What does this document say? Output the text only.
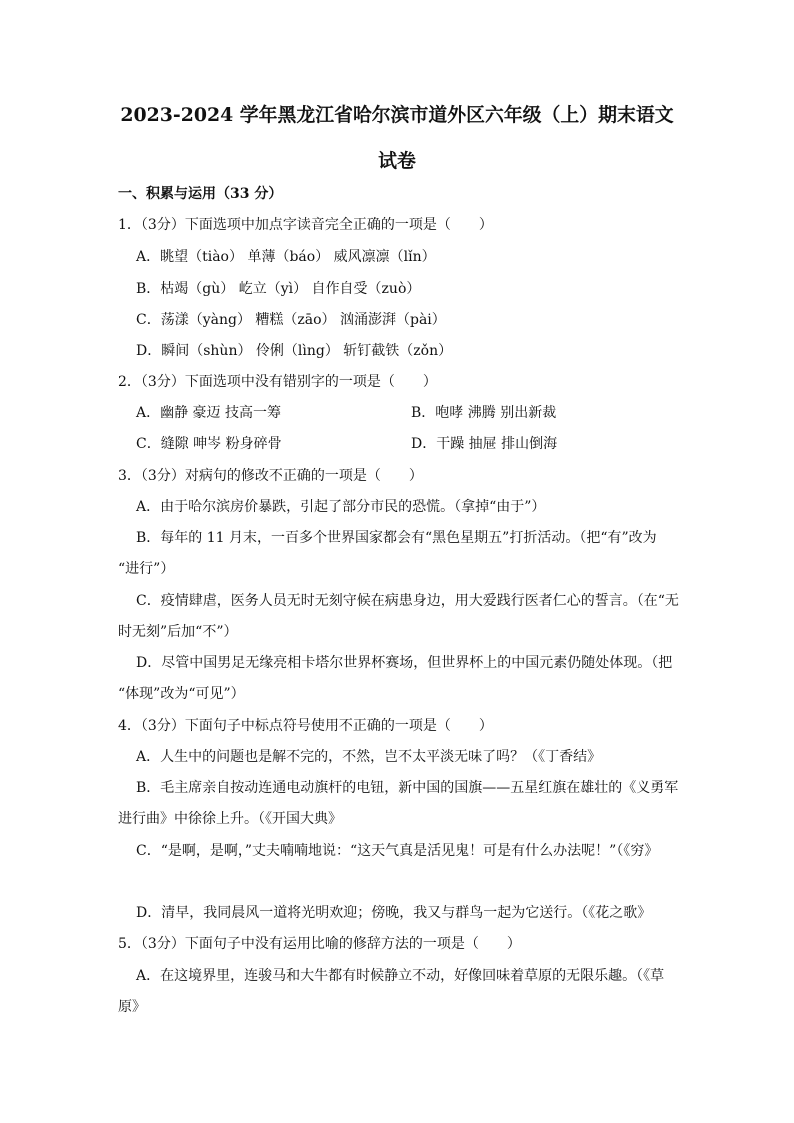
2023-2024 学年黑龙江省哈尔滨市道外区六年级（上）期末语文
试卷
一、积累与运用（33 分）
1．（3分）下面选项中加点字读音完全正确的一项是（　　）
A．眺望（tiào） 单薄（báo） 威风凛凛（lǐn）
B．枯竭（gù） 屹立（yì） 自作自受（zuò）
C．荡漾（yàng） 糟糕（zāo） 汹涌澎湃（pài）
D．瞬间（shùn） 伶俐（lìng） 斩钉截铁（zǒn）
2．（3分）下面选项中没有错别字的一项是（　　）
A．幽静 豪迈 技高一筹	B．咆哮 沸腾 别出新裁
C．缝隙 呻岑 粉身碎骨	D．干躁 抽屉 排山倒海
3．（3分）对病句的修改不正确的一项是（　　）
A．由于哈尔滨房价暴跌，引起了部分市民的恐慌。（拿掉“由于”）
B．每年的 11 月末，一百多个世界国家都会有“黑色星期五”打折活动。（把“有”改为
“进行”）
C．疫情肆虐，医务人员无时无刻守候在病患身边，用大爱践行医者仁心的誓言。（在“无
时无刻”后加“不”）
D．尽管中国男足无缘亮相卡塔尔世界杯赛场，但世界杯上的中国元素仍随处体现。（把
“体现”改为“可见”）
4．（3分）下面句子中标点符号使用不正确的一项是（　　）
A．人生中的问题也是解不完的，不然，岂不太平淡无味了吗？（《丁香结》
B．毛主席亲自按动连通电动旗杆的电钮，新中国的国旗——五星红旗在雄壮的《义勇军
进行曲》中徐徐上升。（《开国大典》
C．“是啊，是啊，”丈夫喃喃地说：“这天气真是活见鬼！可是有什么办法呢！”（《穷》
D．清早，我同晨风一道将光明欢迎；傍晚，我又与群鸟一起为它送行。（《花之歌》
5．（3分）下面句子中没有运用比喻的修辞方法的一项是（　　）
A．在这境界里，连骏马和大牛都有时候静立不动，好像回味着草原的无限乐趣。（《草
原》
